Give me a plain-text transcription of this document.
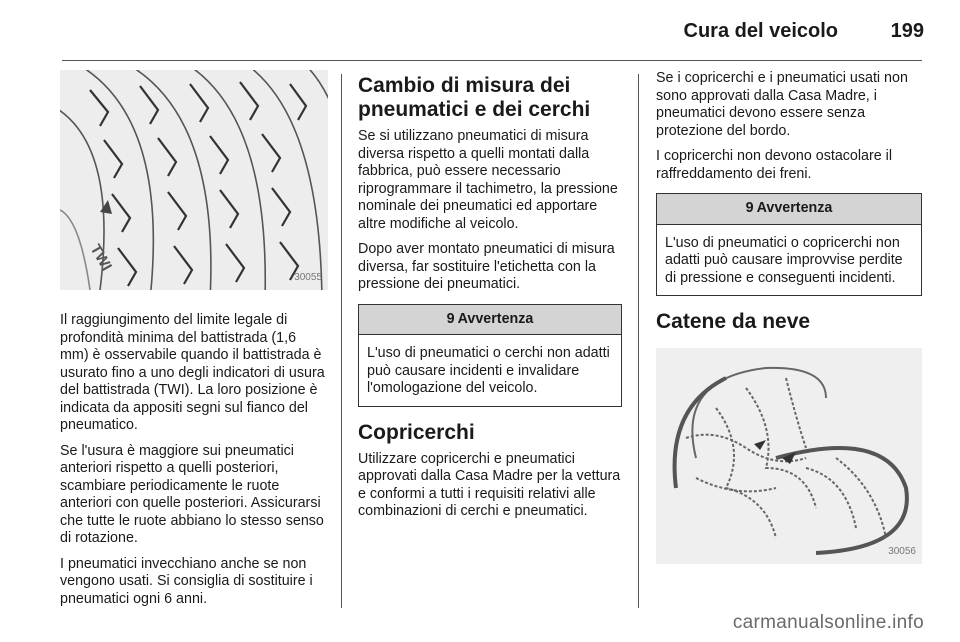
Cura del veicolo	199
TWI
30055

Il raggiungimento del limite legale di profondità minima del battistrada (1,6 mm) è osservabile quando il battistrada è usurato fino a uno degli indicatori di usura del battistrada (TWI). La loro posizione è indicata da appositi segni sul fianco del pneumatico.

Se l'usura è maggiore sui pneumatici anteriori rispetto a quelli posteriori, scambiare periodicamente le ruote anteriori con quelle posteriori. Assicurarsi che tutte le ruote abbiano lo stesso senso di rotazione.

I pneumatici invecchiano anche se non vengono usati. Si consiglia di sostituire i pneumatici ogni 6 anni.

Cambio di misura dei pneumatici e dei cerchi

Se si utilizzano pneumatici di misura diversa rispetto a quelli montati dalla fabbrica, può essere necessario riprogrammare il tachimetro, la pressione nominale dei pneumatici ed apportare altre modifiche al veicolo.

Dopo aver montato pneumatici di misura diversa, far sostituire l'etichetta con la pressione dei pneumatici.

9 Avvertenza
L'uso di pneumatici o cerchi non adatti può causare incidenti e invalidare l'omologazione del veicolo.
Copricerchi

Utilizzare copricerchi e pneumatici approvati dalla Casa Madre per la vettura e conformi a tutti i requisiti relativi alle combinazioni di cerchi e pneumatici.

Se i copricerchi e i pneumatici usati non sono approvati dalla Casa Madre, i pneumatici devono essere senza protezione del bordo.

I copricerchi non devono ostacolare il raffreddamento dei freni.

9 Avvertenza
L'uso di pneumatici o copricerchi non adatti può causare improvvise perdite di pressione e conseguenti incidenti.
Catene da neve
30056
carmanualsonline.info
